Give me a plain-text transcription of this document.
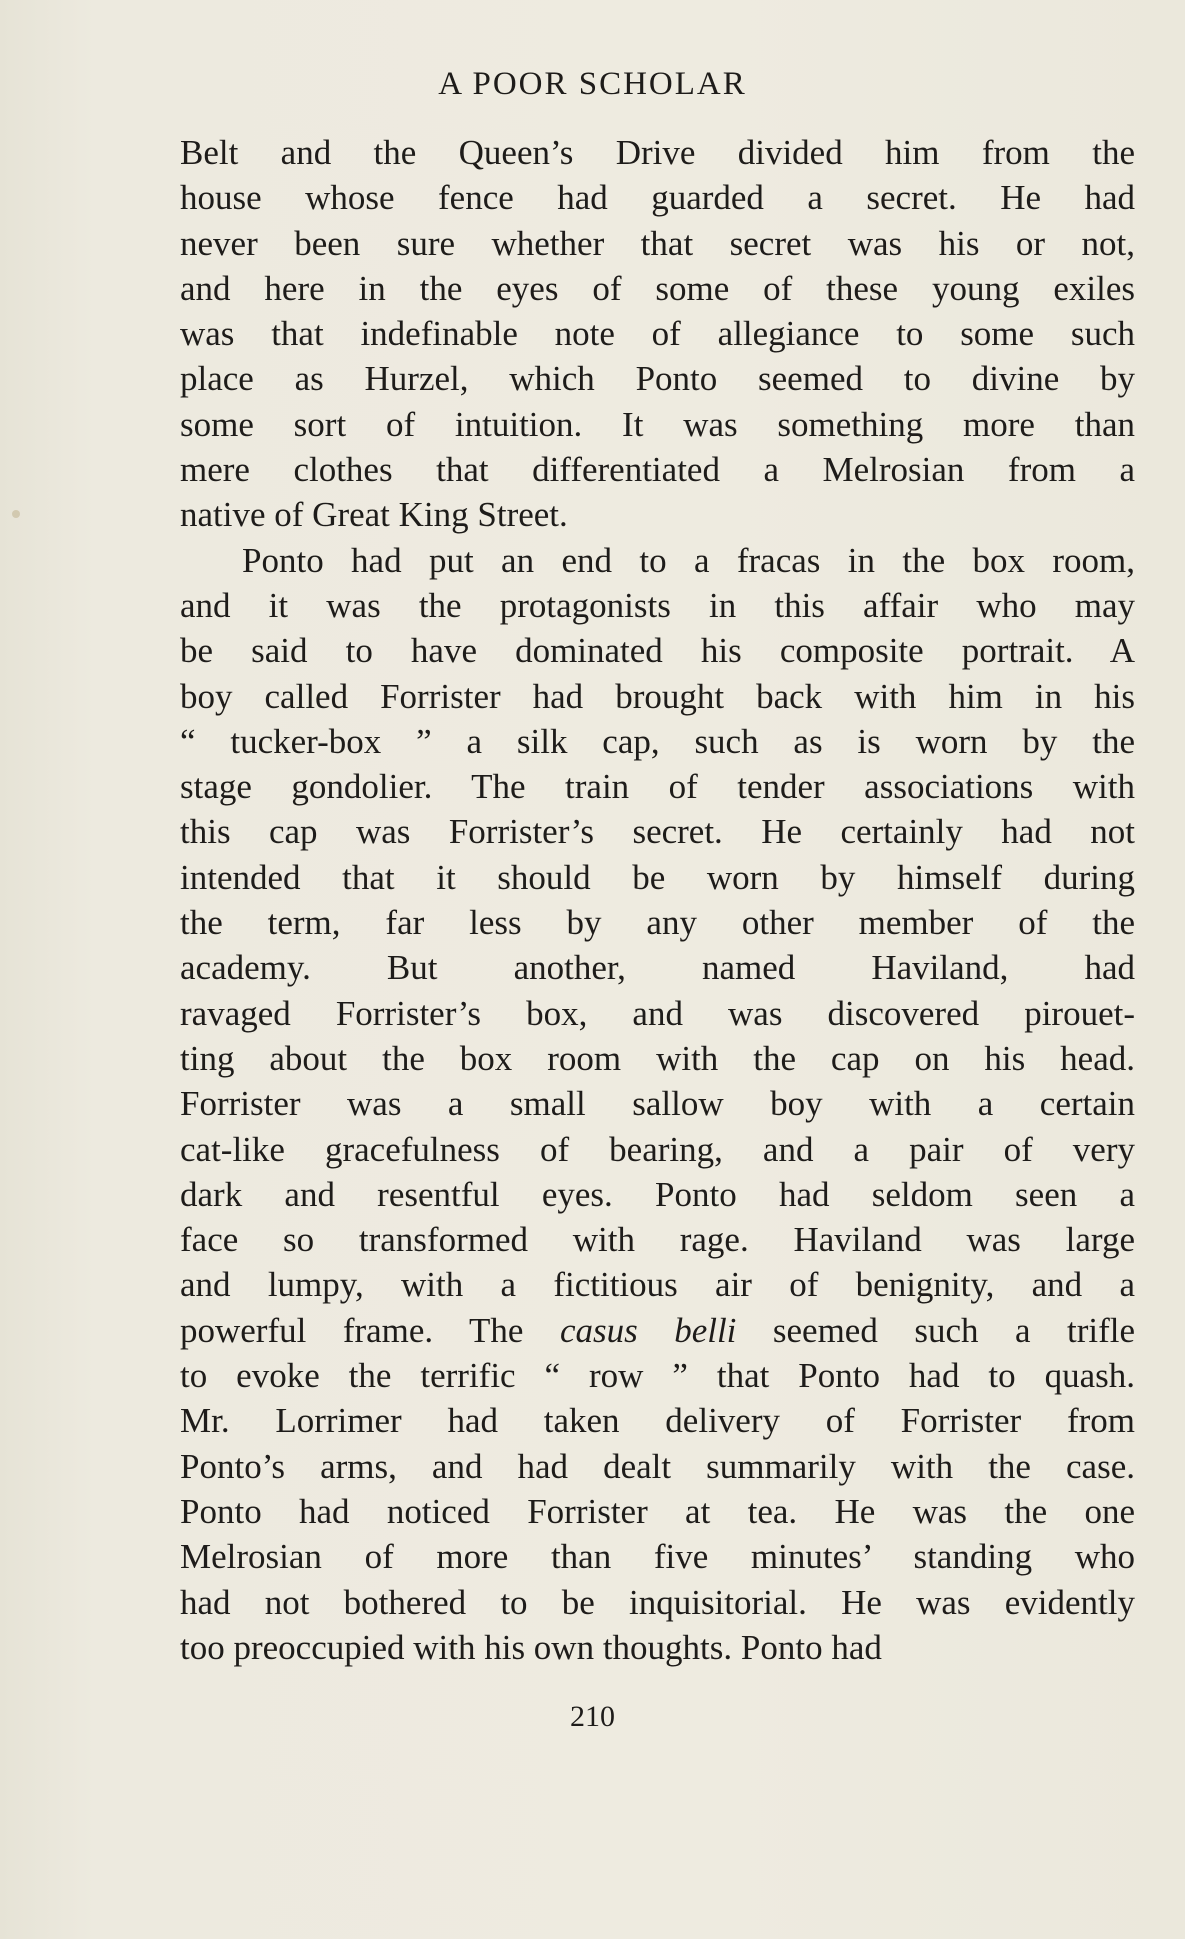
A POOR SCHOLAR
Belt and the Queen’s Drive divided him from the
house whose fence had guarded a secret. He had
never been sure whether that secret was his or not,
and here in the eyes of some of these young exiles
was that indefinable note of allegiance to some such
place as Hurzel, which Ponto seemed to divine by
some sort of intuition. It was something more than
mere clothes that differentiated a Melrosian from a
native of Great King Street.
Ponto had put an end to a fracas in the box room,
and it was the protagonists in this affair who may
be said to have dominated his composite portrait. A
boy called Forrister had brought back with him in his
“ tucker-box ” a silk cap, such as is worn by the
stage gondolier. The train of tender associations with
this cap was Forrister’s secret. He certainly had not
intended that it should be worn by himself during
the term, far less by any other member of the
academy. But another, named Haviland, had
ravaged Forrister’s box, and was discovered pirouet-
ting about the box room with the cap on his head.
Forrister was a small sallow boy with a certain
cat-like gracefulness of bearing, and a pair of very
dark and resentful eyes. Ponto had seldom seen a
face so transformed with rage. Haviland was large
and lumpy, with a fictitious air of benignity, and a
powerful frame. The casus belli seemed such a trifle
to evoke the terrific “ row ” that Ponto had to quash.
Mr. Lorrimer had taken delivery of Forrister from
Ponto’s arms, and had dealt summarily with the case.
Ponto had noticed Forrister at tea. He was the one
Melrosian of more than five minutes’ standing who
had not bothered to be inquisitorial. He was evidently
too preoccupied with his own thoughts. Ponto had
210
